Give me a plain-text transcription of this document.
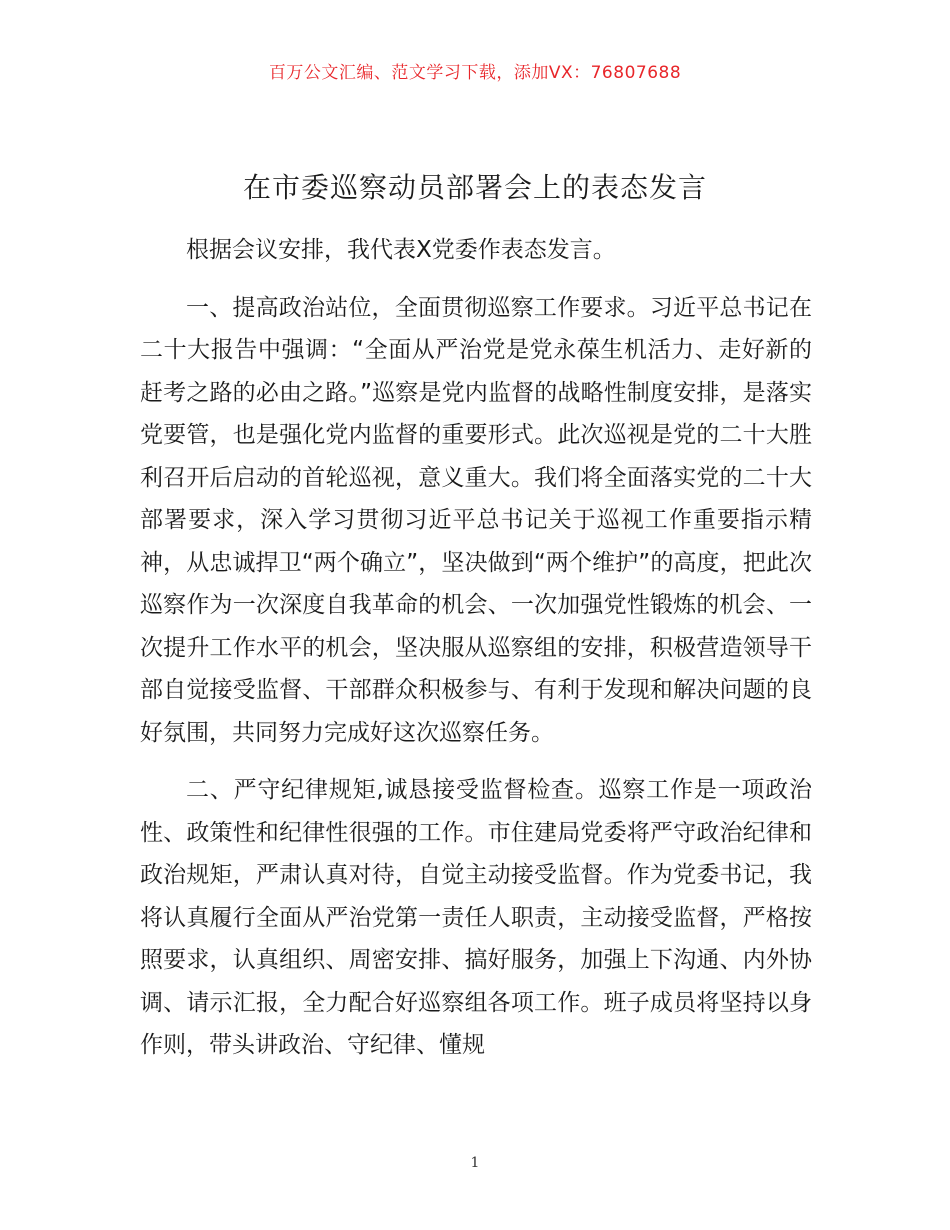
百万公文汇编、范文学习下载，添加VX：76807688
在市委巡察动员部署会上的表态发言

根据会议安排，我代表X党委作表态发言。

一、提高政治站位，全面贯彻巡察工作要求。习近平总书记在二十大报告中强调：“全面从严治党是党永葆生机活力、走好新的赶考之路的必由之路。”巡察是党内监督的战略性制度安排，是落实党要管，也是强化党内监督的重要形式。此次巡视是党的二十大胜利召开后启动的首轮巡视，意义重大。我们将全面落实党的二十大部署要求，深入学习贯彻习近平总书记关于巡视工作重要指示精神，从忠诚捍卫“两个确立”，坚决做到“两个维护”的高度，把此次巡察作为一次深度自我革命的机会、一次加强党性锻炼的机会、一次提升工作水平的机会，坚决服从巡察组的安排，积极营造领导干部自觉接受监督、干部群众积极参与、有利于发现和解决问题的良好氛围，共同努力完成好这次巡察任务。

二、严守纪律规矩,诚恳接受监督检查。巡察工作是一项政治性、政策性和纪律性很强的工作。市住建局党委将严守政治纪律和政治规矩，严肃认真对待，自觉主动接受监督。作为党委书记，我将认真履行全面从严治党第一责任人职责，主动接受监督，严格按照要求，认真组织、周密安排、搞好服务，加强上下沟通、内外协调、请示汇报，全力配合好巡察组各项工作。班子成员将坚持以身作则，带头讲政治、守纪律、懂规

1
